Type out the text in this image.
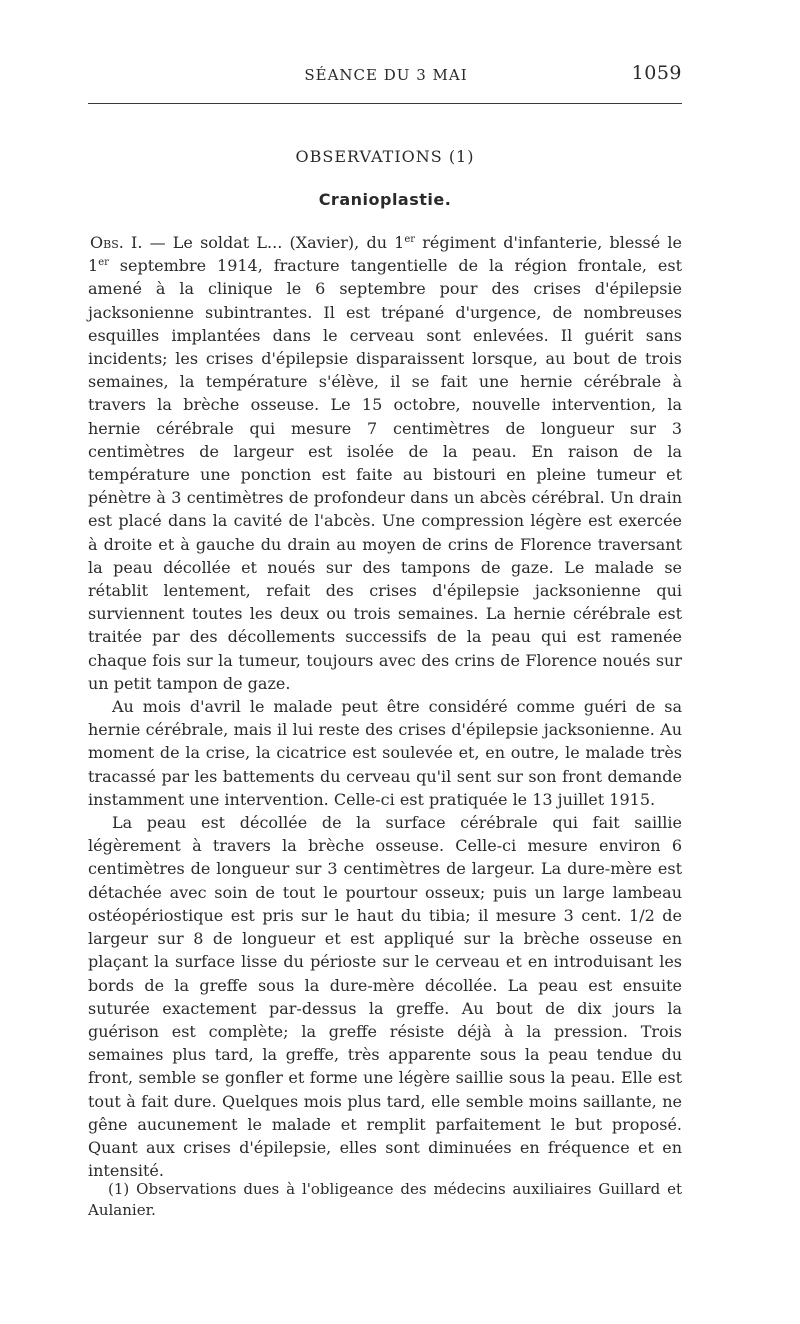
SÉANCE DU 3 MAI	1059
OBSERVATIONS (1)
Cranioplastie.

Obs. I. — Le soldat L... (Xavier), du 1er régiment d'infanterie, blessé le 1er septembre 1914, fracture tangentielle de la région frontale, est amené à la clinique le 6 septembre pour des crises d'épilepsie jacksonienne subintrantes. Il est trépané d'urgence, de nombreuses esquilles implantées dans le cerveau sont enlevées. Il guérit sans incidents; les crises d'épilepsie disparaissent lorsque, au bout de trois semaines, la température s'élève, il se fait une hernie cérébrale à travers la brèche osseuse. Le 15 octobre, nouvelle intervention, la hernie cérébrale qui mesure 7 centimètres de longueur sur 3 centimètres de largeur est isolée de la peau. En raison de la température une ponction est faite au bistouri en pleine tumeur et pénètre à 3 centimètres de profondeur dans un abcès cérébral. Un drain est placé dans la cavité de l'abcès. Une compression légère est exercée à droite et à gauche du drain au moyen de crins de Florence traversant la peau décollée et noués sur des tampons de gaze. Le malade se rétablit lentement, refait des crises d'épilepsie jacksonienne qui surviennent toutes les deux ou trois semaines. La hernie cérébrale est traitée par des décollements successifs de la peau qui est ramenée chaque fois sur la tumeur, toujours avec des crins de Florence noués sur un petit tampon de gaze.

Au mois d'avril le malade peut être considéré comme guéri de sa hernie cérébrale, mais il lui reste des crises d'épilepsie jacksonienne. Au moment de la crise, la cicatrice est soulevée et, en outre, le malade très tracassé par les battements du cerveau qu'il sent sur son front demande instamment une intervention. Celle-ci est pratiquée le 13 juillet 1915.

La peau est décollée de la surface cérébrale qui fait saillie légèrement à travers la brèche osseuse. Celle-ci mesure environ 6 centimètres de longueur sur 3 centimètres de largeur. La dure-mère est détachée avec soin de tout le pourtour osseux; puis un large lambeau ostéopériostique est pris sur le haut du tibia; il mesure 3 cent. 1/2 de largeur sur 8 de longueur et est appliqué sur la brèche osseuse en plaçant la surface lisse du périoste sur le cerveau et en introduisant les bords de la greffe sous la dure-mère décollée. La peau est ensuite suturée exactement par-dessus la greffe. Au bout de dix jours la guérison est complète; la greffe résiste déjà à la pression. Trois semaines plus tard, la greffe, très apparente sous la peau tendue du front, semble se gonfler et forme une légère saillie sous la peau. Elle est tout à fait dure. Quelques mois plus tard, elle semble moins saillante, ne gêne aucunement le malade et remplit parfaitement le but proposé. Quant aux crises d'épilepsie, elles sont diminuées en fréquence et en intensité.

(1) Observations dues à l'obligeance des médecins auxiliaires Guillard et Aulanier.
